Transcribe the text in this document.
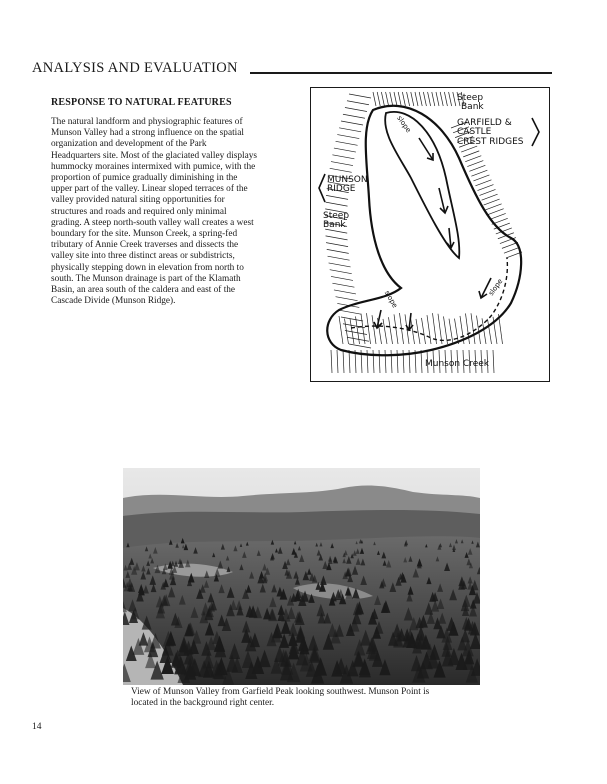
ANALYSIS AND EVALUATION
RESPONSE TO NATURAL FEATURES
The natural landform and physiographic features of
Munson Valley had a strong influence on the spatial
organization and development of the Park
Headquarters site. Most of the glaciated valley displays
hummocky moraines intermixed with pumice, with the
proportion of pumice gradually diminishing in the
upper part of the valley. Linear sloped terraces of the
valley provided natural siting opportunities for
structures and roads and required only minimal
grading. A steep north-south valley wall creates a west
boundary for the site. Munson Creek, a spring-fed
tributary of Annie Creek traverses and dissects the
valley site into three distinct areas or subdistricts,
physically stepping down in elevation from north to
south. The Munson drainage is part of the Klamath
Basin, an area south of the caldera and east of the
Cascade Divide (Munson Ridge).
Steep
Bank
GARFIELD &
CASTLE
CREST RIDGES
MUNSON
RIDGE
Steep
Bank
slope
slope
slope
Munson Creek
View of Munson Valley from Garfield Peak looking southwest. Munson Point is
located in the background right center.
14
